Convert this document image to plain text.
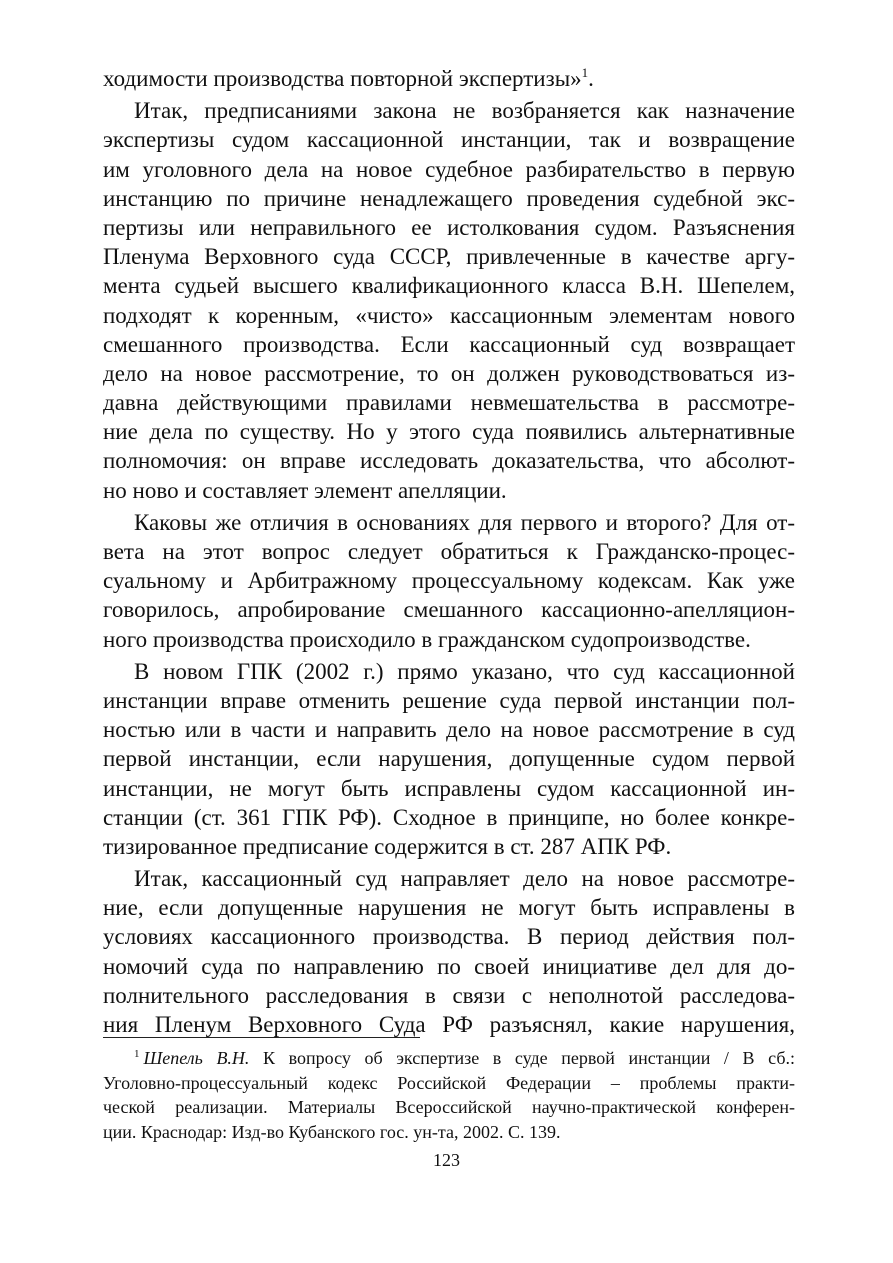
ходимости производства повторной экспертизы»$^1$.
Итак, предписаниями закона не возбраняется как назначение
экспертизы судом кассационной инстанции, так и возвращение
им уголовного дела на новое судебное разбирательство в первую
инстанцию по причине ненадлежащего проведения судебной экс-
пертизы или неправильного ее истолкования судом. Разъяснения
Пленума Верховного суда СССР, привлеченные в качестве аргу-
мента судьей высшего квалификационного класса В.Н. Шепелем,
подходят к коренным, «чисто» кассационным элементам нового
смешанного производства. Если кассационный суд возвращает
дело на новое рассмотрение, то он должен руководствоваться из-
давна действующими правилами невмешательства в рассмотре-
ние дела по существу. Но у этого суда появились альтернативные
полномочия: он вправе исследовать доказательства, что абсолют-
но ново и составляет элемент апелляции.
Каковы же отличия в основаниях для первого и второго? Для от-
вета на этот вопрос следует обратиться к Гражданско-процес-
суальному и Арбитражному процессуальному кодексам. Как уже
говорилось, апробирование смешанного кассационно-апелляцион-
ного производства происходило в гражданском судопроизводстве.
В новом ГПК (2002 г.) прямо указано, что суд кассационной
инстанции вправе отменить решение суда первой инстанции пол-
ностью или в части и направить дело на новое рассмотрение в суд
первой инстанции, если нарушения, допущенные судом первой
инстанции, не могут быть исправлены судом кассационной ин-
станции (ст. 361 ГПК РФ). Сходное в принципе, но более конкре-
тизированное предписание содержится в ст. 287 АПК РФ.
Итак, кассационный суд направляет дело на новое рассмотре-
ние, если допущенные нарушения не могут быть исправлены в
условиях кассационного производства. В период действия пол-
номочий суда по направлению по своей инициативе дел для до-
полнительного расследования в связи с неполнотой расследова-
ния Пленум Верховного Суда РФ разъяснял, какие нарушения,
$^1$ Шепель В.Н. К вопросу об экспертизе в суде первой инстанции / В сб.:
Уголовно-процессуальный кодекс Российской Федерации – проблемы практи-
ческой реализации. Материалы Всероссийской научно-практической конферен-
ции. Краснодар: Изд-во Кубанского гос. ун-та, 2002. С. 139.
123
